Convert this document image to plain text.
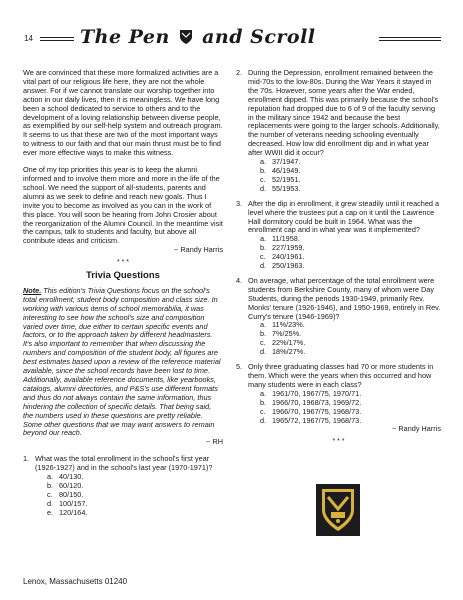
14 The Pen and Scroll

We are convinced that these more formalized activities are a vital part of our religious life here, they are not the whole answer. For if we cannot translate our worship together into action in our daily lives, then it is meaningless. We have long been a school dedicated to service to others and to the development of a loving relationship between diverse people, as exemplified by our self-help system and outreach program. It seems to us that these are two of the most important ways to witness to our faith and that our main thrust must be to find ever more effective ways to make this witness.

One of my top priorities this year is to keep the alumni informed and to involve them more and more in the life of the school. We need the support of all-students, parents and alumni as we seek to define and reach new goals. Thus I invite you to become as involved as you can in the work of this place. You will soon be hearing from John Crosier about the reorganization of the Alumni Council. In the meantime visit the campus, talk to students and faculty, but above all contribute ideas and criticism.

~ Randy Harris
* * *
Trivia Questions

Note. This edition's Trivia Questions focus on the school's total enrollment, student body composition and class size. In working with various items of school memorabilia, it was interesting to see how the school's size and composition varied over time, due either to certain specific events and factors, or to the approach taken by different headmasters. It's also important to remember that when discussing the numbers and composition of the student body, all figures are best estimates based upon a review of the reference material available, since the school records have been lost to time. Additionally, available reference documents, like yearbooks, catalogs, alumni directories, and P&S's use different formats and thus do not always contain the same information, thus hindering the collection of specific details. That being said, the numbers used in these questions are pretty reliable. Some other questions that we may want answers to remain beyond our reach.

~ RH
1. What was the total enrollment in the school's first year (1926-1927) and in the school's last year (1970-1971)?
a. 40/130.
b. 60/120.
c. 80/150.
d. 100/157.
e. 120/164.
2. During the Depression, enrollment remained between the mid-70s to the low-80s. During the War Years it stayed in the 70s. However, some years after the War ended, enrollment dipped. This was primarily because the school's reputation had dropped due to 6 of 9 of the faculty serving in the military since 1942 and because the best replacements were going to the larger schools. Additionally, the number of veterans needing schooling eventually decreased. How low did enrollment dip and in what year after WWII did it occur?
a. 37/1947.
b. 46/1949.
c. 52/1951.
d. 55/1953.
3. After the dip in enrollment, it grew steadily until it reached a level where the trustees put a cap on it until the Lawrence Hall dormitory could be built in 1964. What was the enrollment cap and in what year was it implemented?
a. 11/1958.
b. 227/1959.
c. 240/1961.
d. 250/1963.
4. On average, what percentage of the total enrollment were students from Berkshire County, many of whom were Day Students, during the periods 1930-1949, primarily Rev. Monks' tenure (1926-1946), and 1950-1969, entirely in Rev. Curry's tenure (1946-1969)?
a. 11%/23%.
b. 7%/25%.
c. 22%/17%.
d. 18%/27%.
5. Only three graduating classes had 70 or more students in them. Which were the years when this occurred and how many students were in each class?
a. 1961/70, 1967/75, 1970/71.
b. 1966/70, 1968/73, 1969/72.
c. 1966/70, 1967/75, 1968/73.
d. 1965/72, 1967/75, 1968/73.
~ Randy Harris
* * *
Lenox, Massachusetts 01240
